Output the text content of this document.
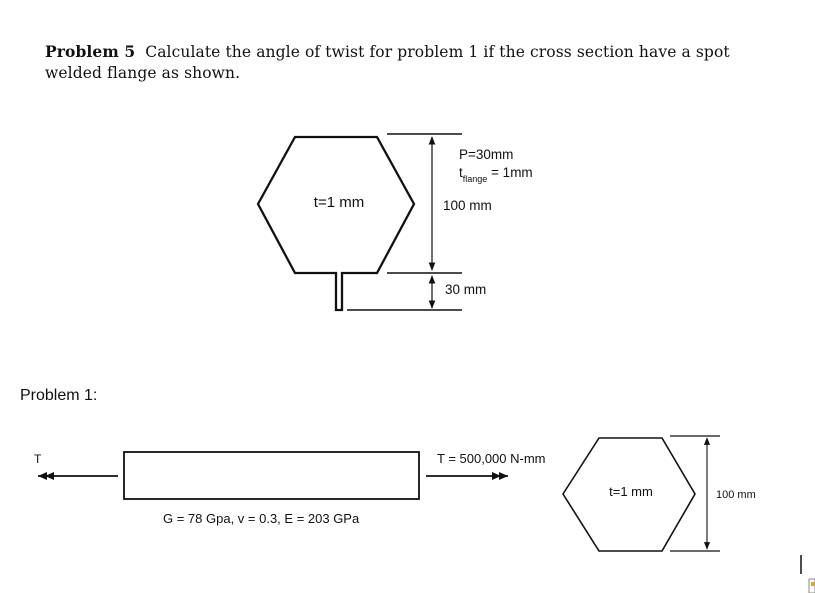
Problem 5 Calculate the angle of twist for problem 1 if the cross section have a spot welded flange as shown.
Problem 1:
t=1 mm
P=30mm
$t_{flange} = 1mm$
100 mm
30 mm
T	T = 500,000 N-mm
G = 78 Gpa, v = 0.3, E = 203 GPa
t=1 mm	100 mm
